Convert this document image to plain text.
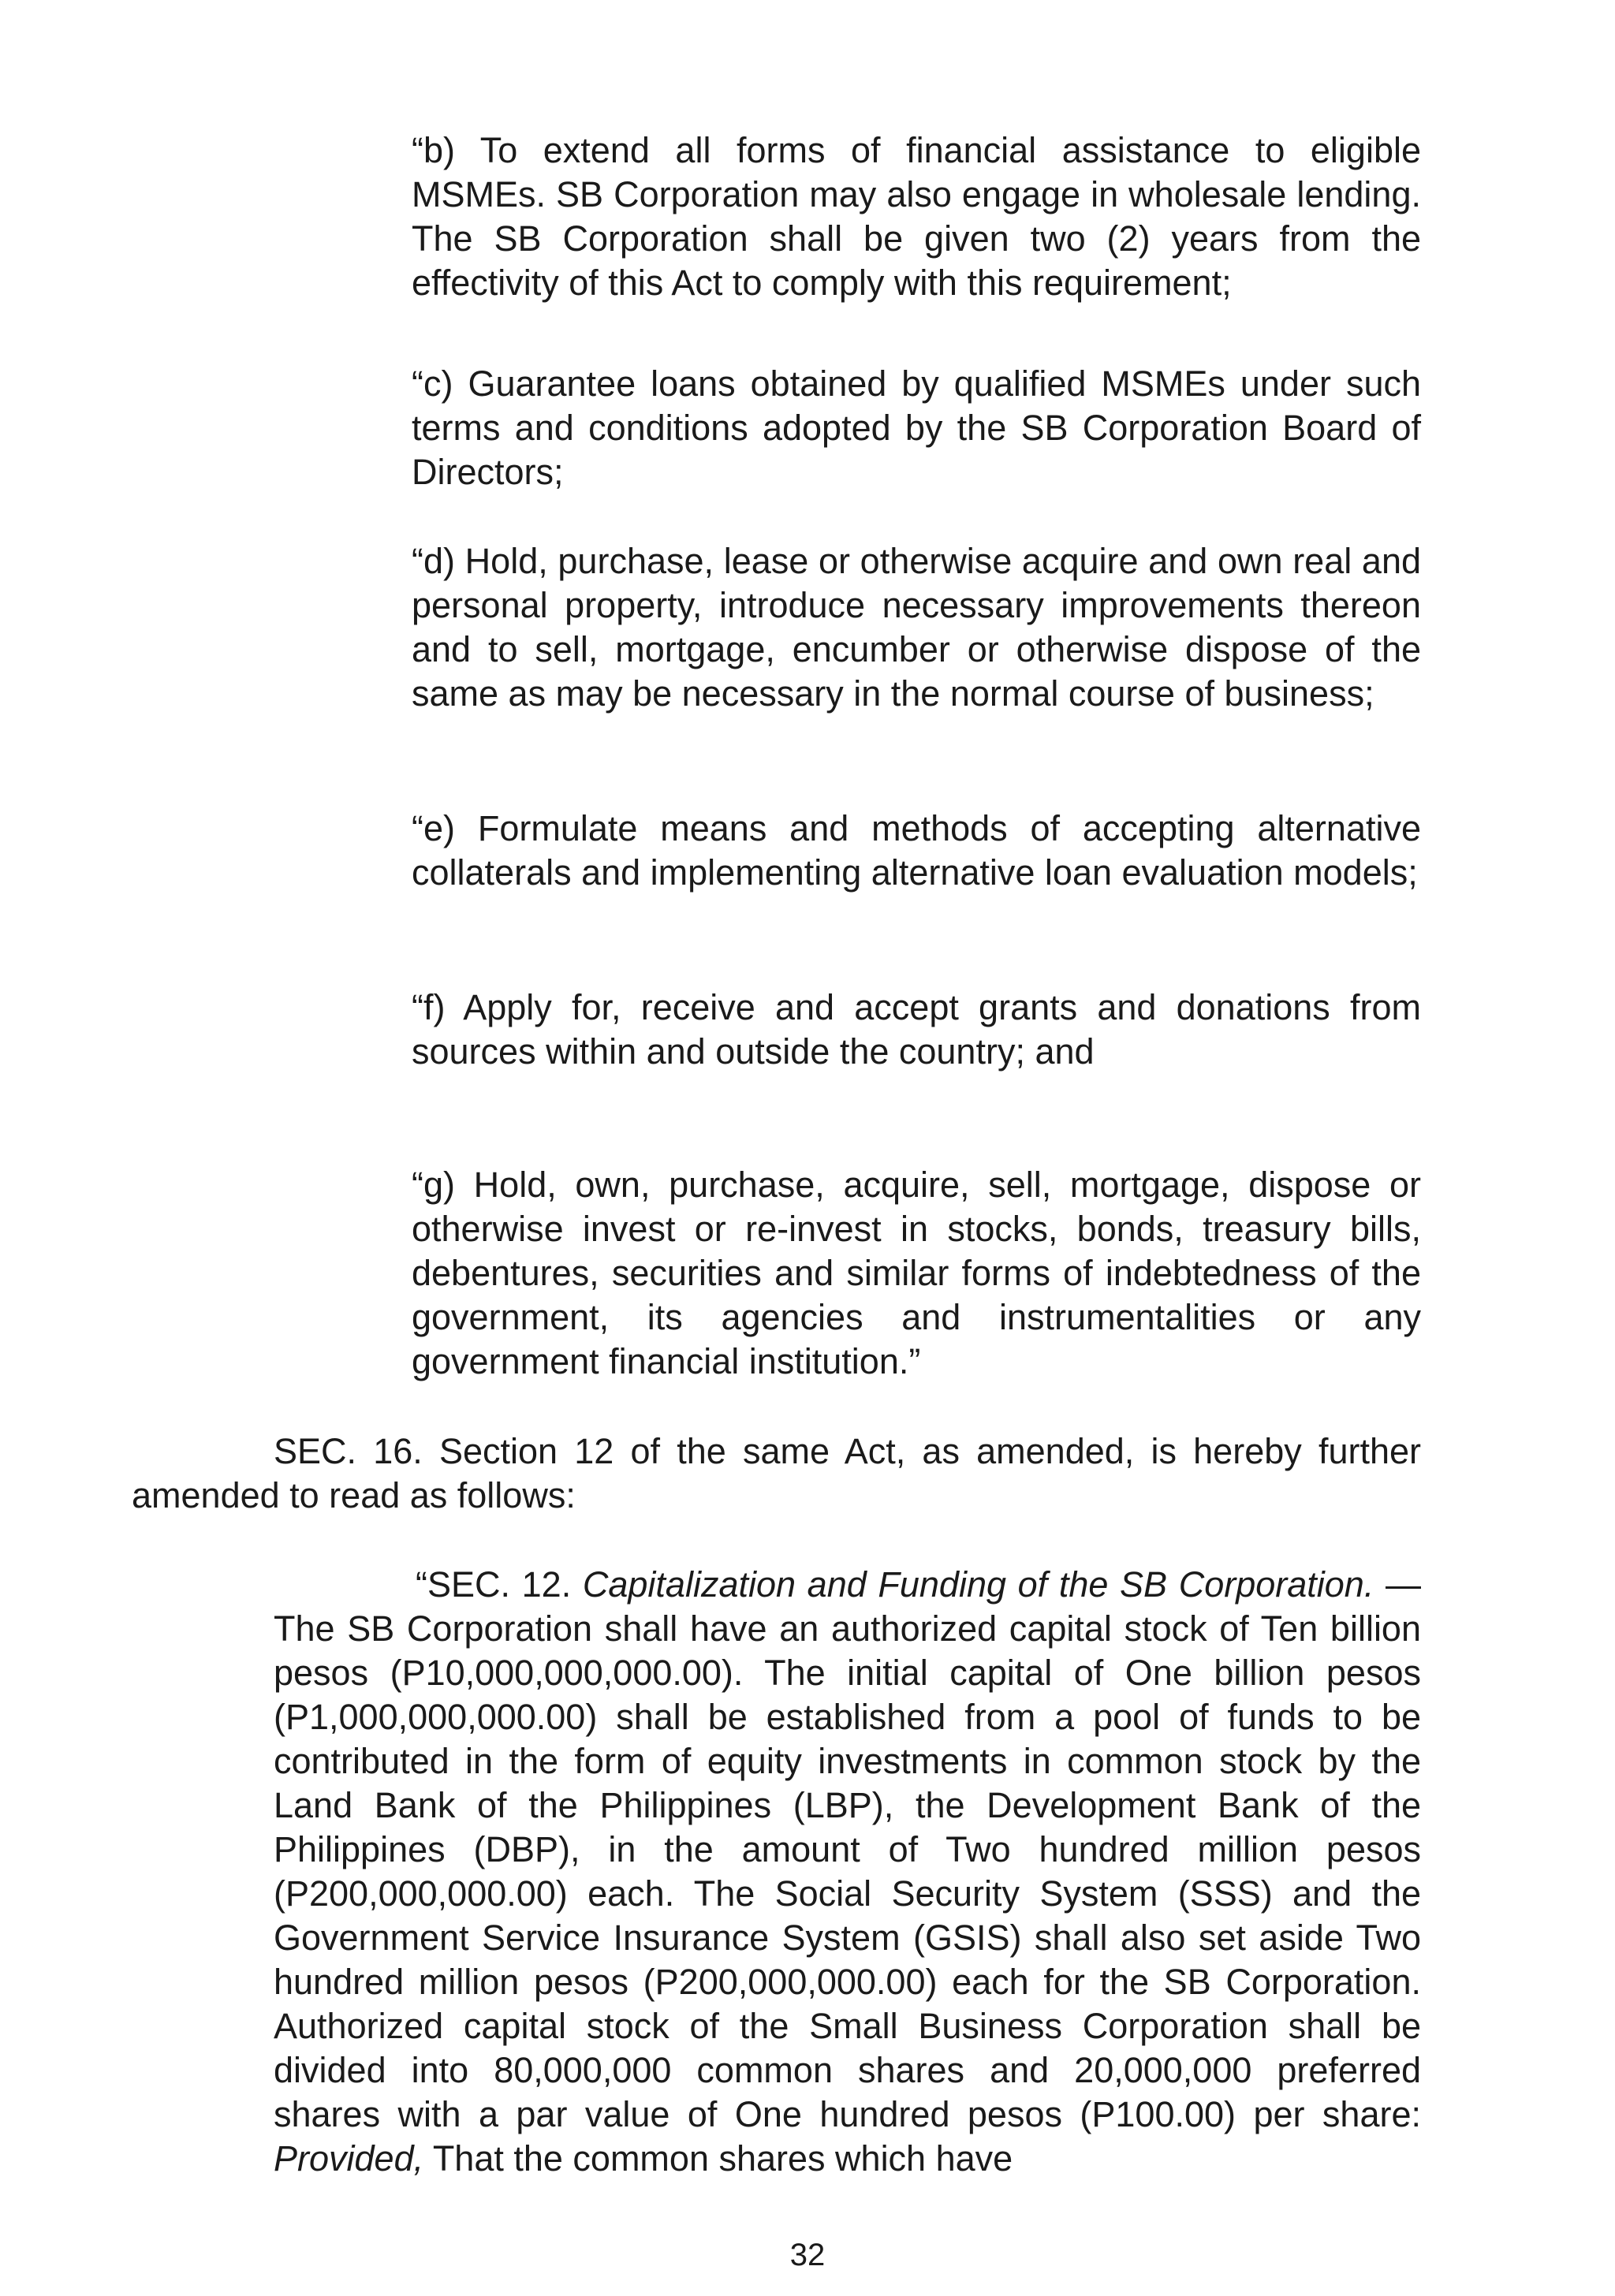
“b) To extend all forms of financial assistance to eligible MSMEs. SB Corporation may also engage in wholesale lending. The SB Corporation shall be given two (2) years from the effectivity of this Act to comply with this requirement;

“c) Guarantee loans obtained by qualified MSMEs under such terms and conditions adopted by the SB Corporation Board of Directors;

“d) Hold, purchase, lease or otherwise acquire and own real and personal property, introduce necessary improvements thereon and to sell, mortgage, encumber or otherwise dispose of the same as may be necessary in the normal course of business;

“e) Formulate means and methods of accepting alternative collaterals and implementing alternative loan evaluation models;

“f) Apply for, receive and accept grants and donations from sources within and outside the country; and

“g) Hold, own, purchase, acquire, sell, mortgage, dispose or otherwise invest or re-invest in stocks, bonds, treasury bills, debentures, securities and similar forms of indebtedness of the government, its agencies and instrumentalities or any government financial institution.”

SEC. 16. Section 12 of the same Act, as amended, is hereby further amended to read as follows:

“SEC. 12. Capitalization and Funding of the SB Corporation. — The SB Corporation shall have an authorized capital stock of Ten billion pesos (P10,000,000,000.00). The initial capital of One billion pesos (P1,000,000,000.00) shall be established from a pool of funds to be contributed in the form of equity investments in common stock by the Land Bank of the Philippines (LBP), the Development Bank of the Philippines (DBP), in the amount of Two hundred million pesos (P200,000,000.00) each. The Social Security System (SSS) and the Government Service Insurance System (GSIS) shall also set aside Two hundred million pesos (P200,000,000.00) each for the SB Corporation. Authorized capital stock of the Small Business Corporation shall be divided into 80,000,000 common shares and 20,000,000 preferred shares with a par value of One hundred pesos (P100.00) per share: Provided, That the common shares which have

32
